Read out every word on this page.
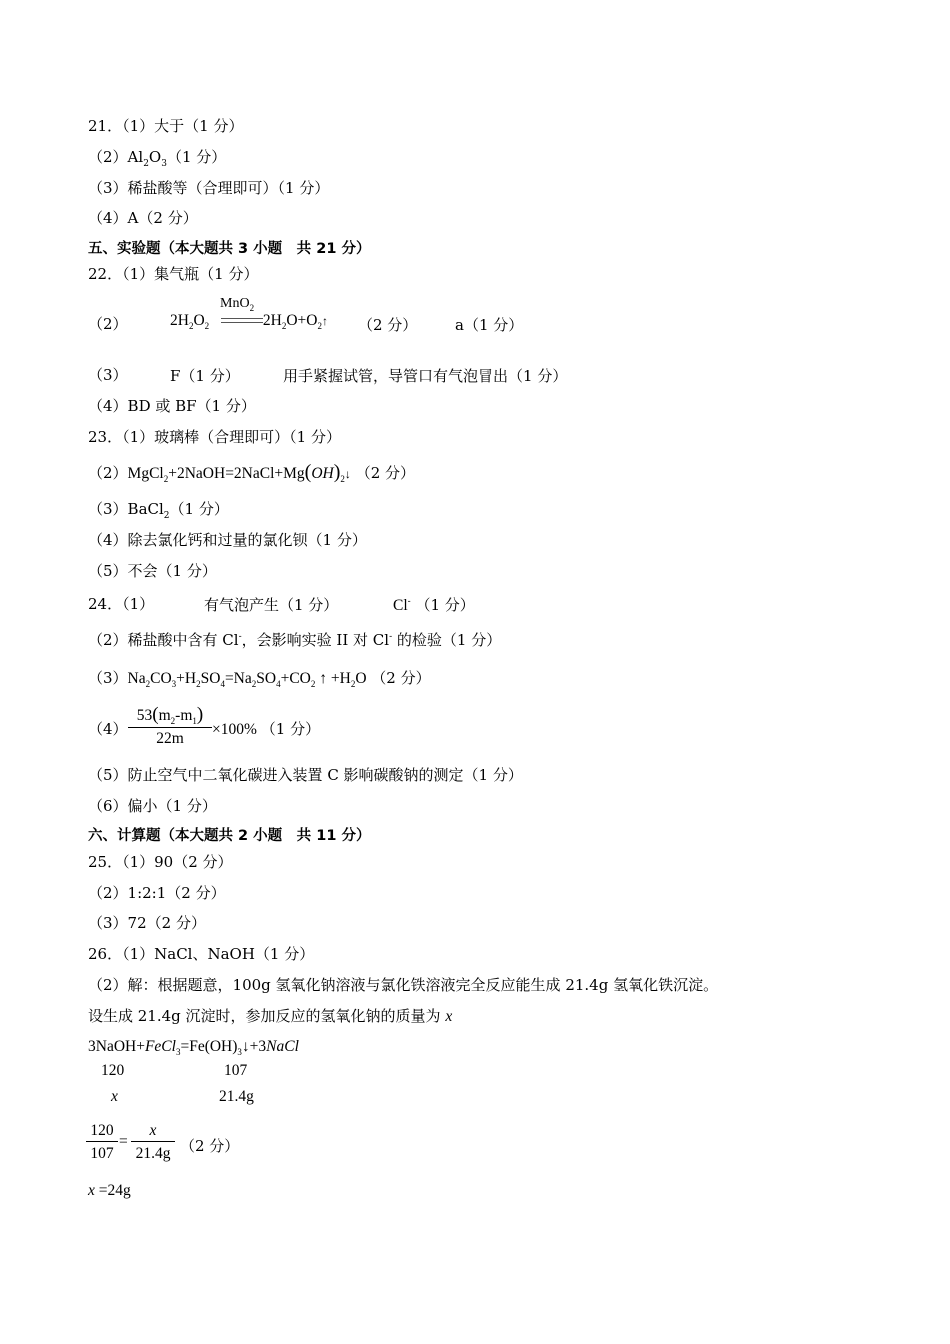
21．（1）大于（1 分）
$(2)Al_2O_3(1$ 分）
（3）稀盐酸等（合理即可）（1 分）
（4）A（2 分）
五、实验题（本大题共 3 小题　共 21 分）
22．（1）集气瓶（1 分）
（2）
MnO$_2$
$2H_2O_2$	$2H_2O+O_2↑$ （2 分）	a（1 分）
（3）	F（1 分）	用手紧握试管，导管口有气泡冒出（1 分）
（4）BD 或 BF（1 分）
23．（1）玻璃棒（合理即可）（1 分）
$(2)MgCl_2+2NaOH=2NaCl+Mg(OH)_2↓$ （2 分）
（3）BaCl$_2$（1 分）
（4）除去氯化钙和过量的氯化钡（1 分）
（5）不会（1 分）
24．（1）	有气泡产生（1 分）	Cl- （1 分）
（2）稀盐酸中含有 Cl-，会影响实验 II 对 Cl- 的检验（1 分）
$(3)Na_2CO_3+H_2SO_4=Na_2SO_4+CO_2$ ↑ $+H_2O$ （2 分）
$(4) \frac{53(m_2-m_1)}{22m} \times 100\%$ （1 分）
（5）防止空气中二氧化碳进入装置 C 影响碳酸钠的测定（1 分）
（6）偏小（1 分）
六、计算题（本大题共 2 小题　共 11 分）
25．（1）90（2 分）
（2）1:2:1（2 分）
（3）72（2 分）
26．（1）NaCl、NaOH（1 分）
（2）解：根据题意，100g 氢氧化钠溶液与氯化铁溶液完全反应能生成 21.4g 氢氧化铁沉淀。
设生成 21.4g 沉淀时，参加反应的氢氧化钠的质量为 x
$3NaOH+FeCl_3=Fe(OH)_3↓+3NaCl$
120	107
x	21.4g
$\frac{120}{107} = \frac{x}{21.4g} (2$ 分）
x =24g
